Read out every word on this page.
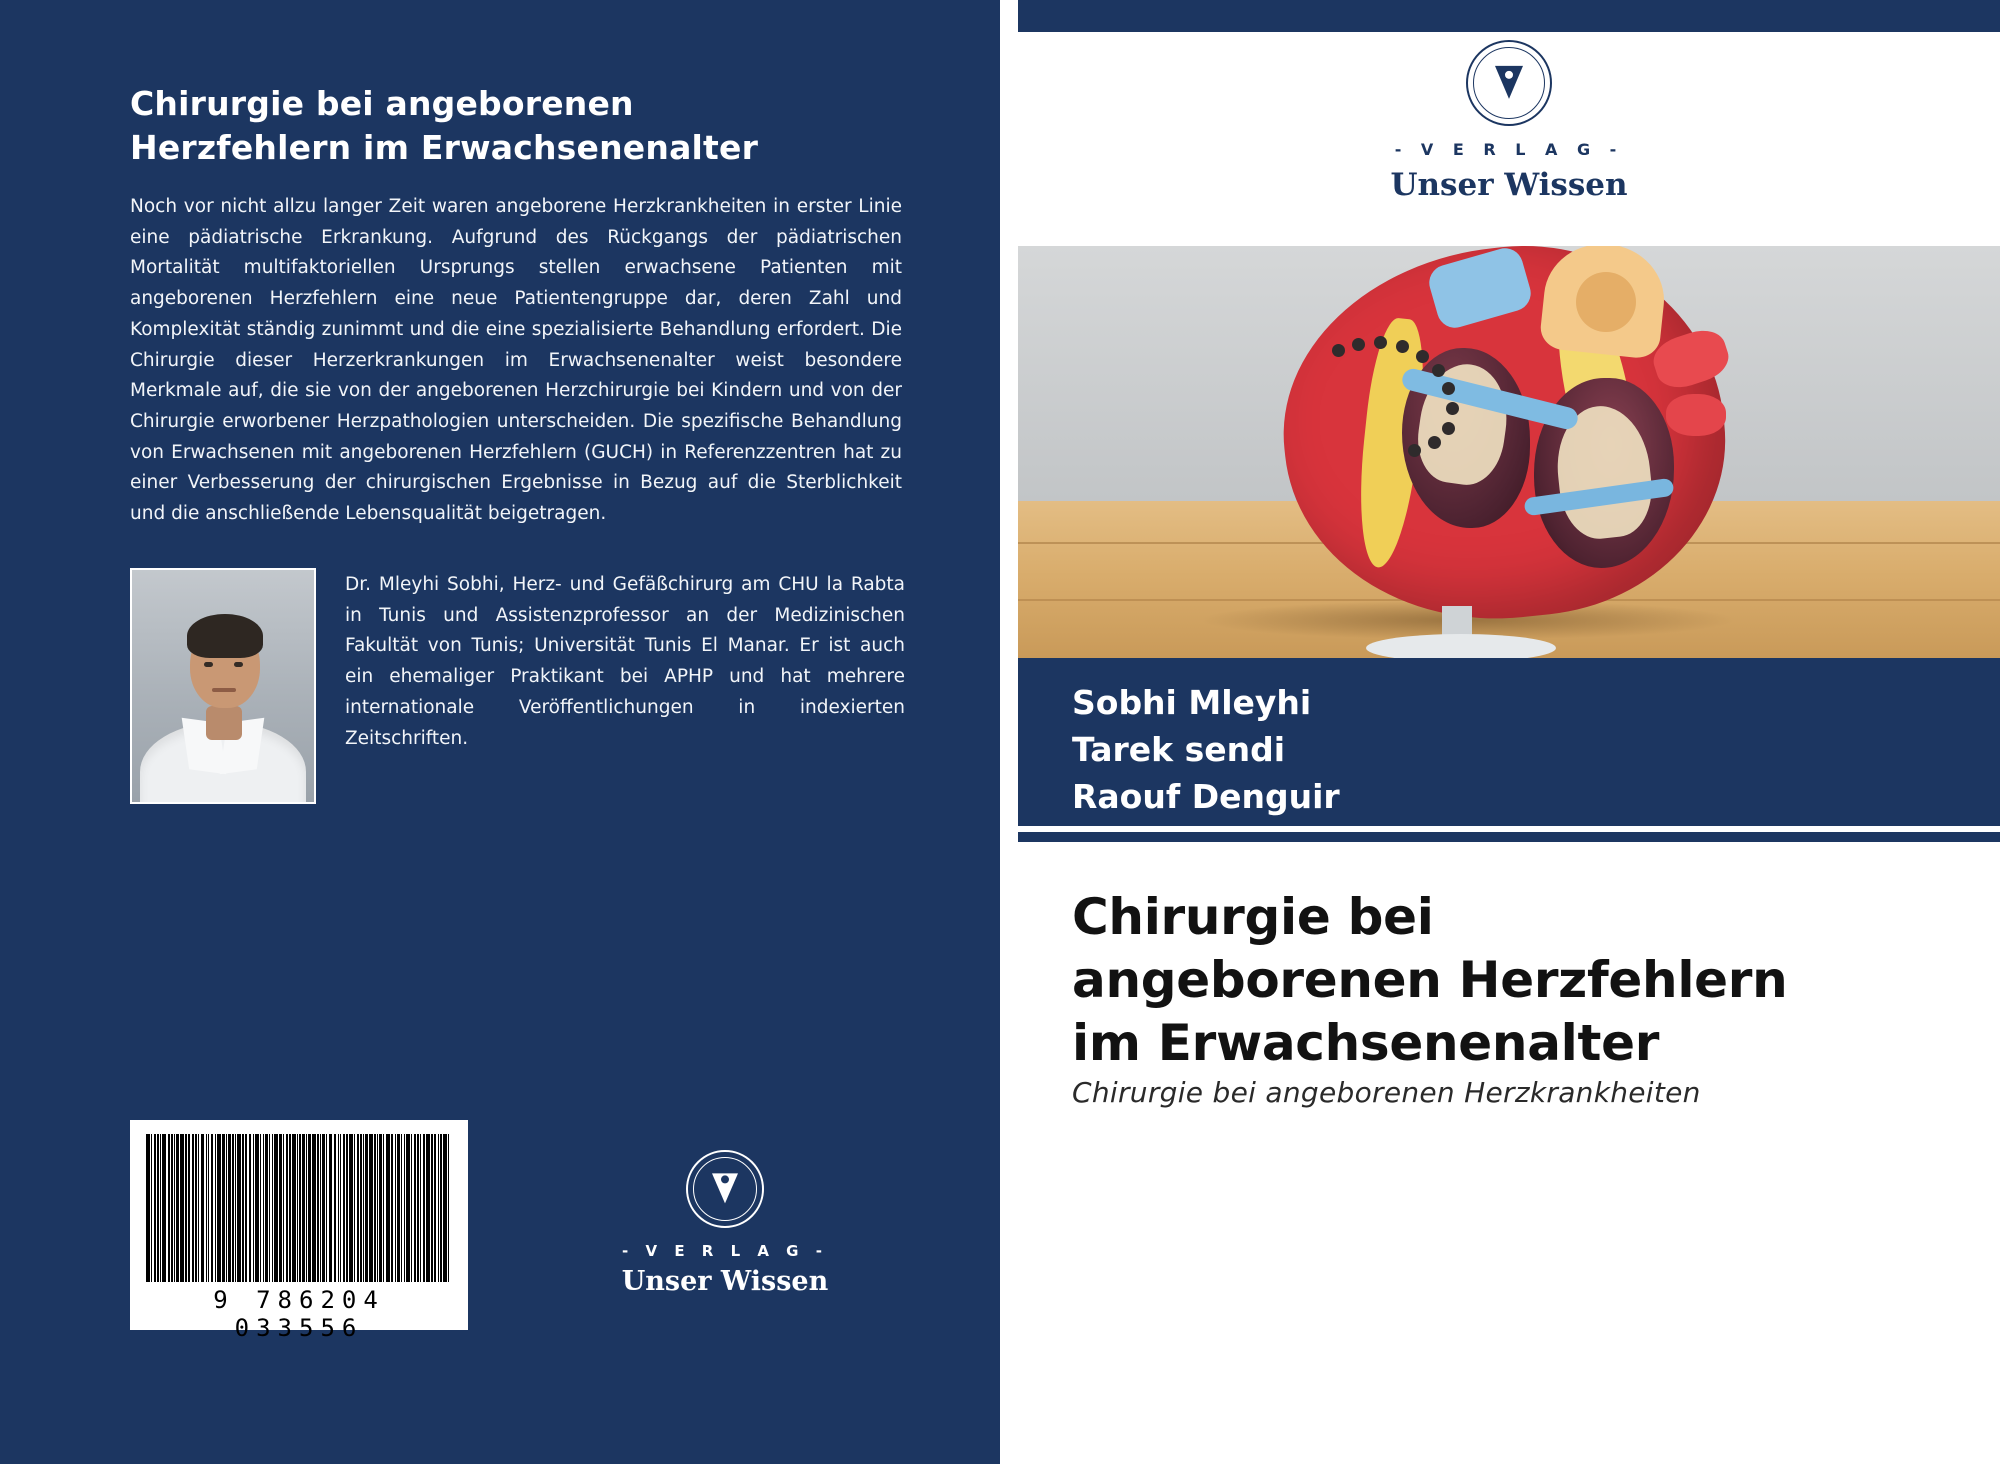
Chirurgie bei angeborenen
Herzfehlern im Erwachsenenalter
Noch vor nicht allzu langer Zeit waren angeborene Herzkrankheiten in erster Linie eine pädiatrische Erkrankung. Aufgrund des Rückgangs der pädiatrischen Mortalität multifaktoriellen Ursprungs stellen erwachsene Patienten mit angeborenen Herzfehlern eine neue Patientengruppe dar, deren Zahl und Komplexität ständig zunimmt und die eine spezialisierte Behandlung erfordert. Die Chirurgie dieser Herzerkrankungen im Erwachsenenalter weist besondere Merkmale auf, die sie von der angeborenen Herzchirurgie bei Kindern und von der Chirurgie erworbener Herzpathologien unterscheiden. Die spezifische Behandlung von Erwachsenen mit angeborenen Herzfehlern (GUCH) in Referenzzentren hat zu einer Verbesserung der chirurgischen Ergebnisse in Bezug auf die Sterblichkeit und die anschließende Lebensqualität beigetragen.
Dr. Mleyhi Sobhi, Herz- und Gefäßchirurg am CHU la Rabta in Tunis und Assistenzprofessor an der Medizinischen Fakultät von Tunis; Universität Tunis El Manar. Er ist auch ein ehemaliger Praktikant bei APHP und hat mehrere internationale Veröffentlichungen in indexierten Zeitschriften.
9 786204 033556
- V E R L A G -
Unser Wissen
- V E R L A G -
Unser Wissen
Sobhi Mleyhi
Tarek sendi
Raouf Denguir
Chirurgie bei
angeborenen Herzfehlern
im Erwachsenenalter
Chirurgie bei angeborenen Herzkrankheiten
